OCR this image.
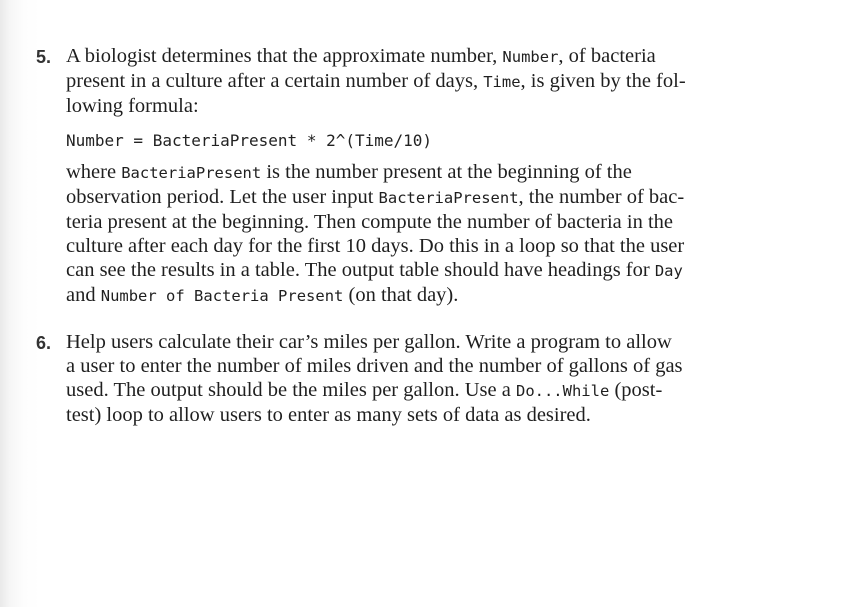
5. A biologist determines that the approximate number, Number, of bacteria
present in a culture after a certain number of days, Time, is given by the fol-
lowing formula:
Number = BacteriaPresent * 2^(Time/10)
where BacteriaPresent is the number present at the beginning of the
observation period. Let the user input BacteriaPresent, the number of bac-
teria present at the beginning. Then compute the number of bacteria in the
culture after each day for the first 10 days. Do this in a loop so that the user
can see the results in a table. The output table should have headings for Day
and Number of Bacteria Present (on that day).
6. Help users calculate their car’s miles per gallon. Write a program to allow
a user to enter the number of miles driven and the number of gallons of gas
used. The output should be the miles per gallon. Use a Do...While (post-
test) loop to allow users to enter as many sets of data as desired.
